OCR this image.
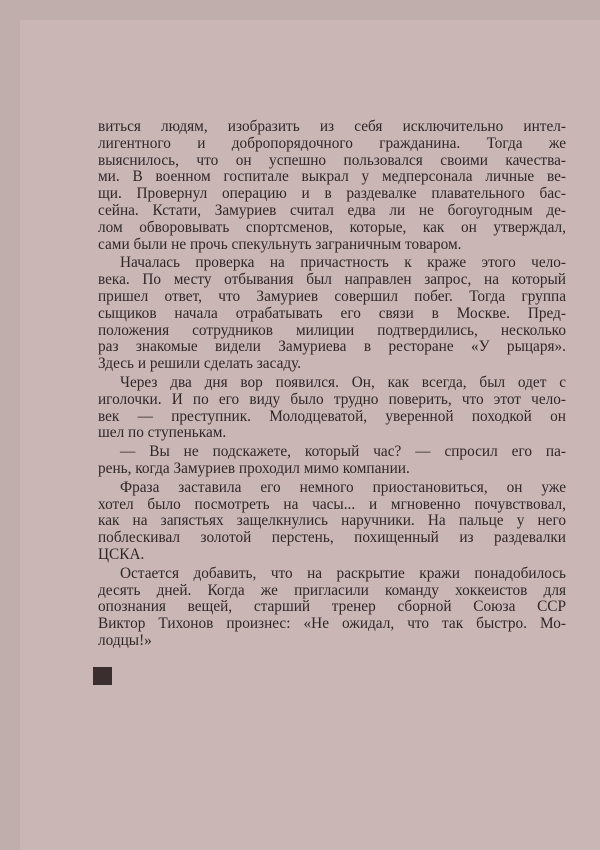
виться людям, изобразить из себя исключительно интел-
лигентного и добропорядочного гражданина. Тогда же
выяснилось, что он успешно пользовался своими качества-
ми. В военном госпитале выкрал у медперсонала личные ве-
щи. Провернул операцию и в раздевалке плавательного бас-
сейна. Кстати, Замуриев считал едва ли не богоугодным де-
лом обворовывать спортсменов, которые, как он утверждал,
сами были не прочь спекульнуть заграничным товаром.
Началась проверка на причастность к краже этого чело-
века. По месту отбывания был направлен запрос, на который
пришел ответ, что Замуриев совершил побег. Тогда группа
сыщиков начала отрабатывать его связи в Москве. Пред-
положения сотрудников милиции подтвердились, несколько
раз знакомые видели Замуриева в ресторане «У рыцаря».
Здесь и решили сделать засаду.
Через два дня вор появился. Он, как всегда, был одет с
иголочки. И по его виду было трудно поверить, что этот чело-
век — преступник. Молодцеватой, уверенной походкой он
шел по ступенькам.
— Вы не подскажете, который час? — спросил его па-
рень, когда Замуриев проходил мимо компании.
Фраза заставила его немного приостановиться, он уже
хотел было посмотреть на часы... и мгновенно почувствовал,
как на запястьях защелкнулись наручники. На пальце у него
поблескивал золотой перстень, похищенный из раздевалки
ЦСКА.
Остается добавить, что на раскрытие кражи понадобилось
десять дней. Когда же пригласили команду хоккеистов для
опознания вещей, старший тренер сборной Союза ССР
Виктор Тихонов произнес: «Не ожидал, что так быстро. Мо-
лодцы!»
